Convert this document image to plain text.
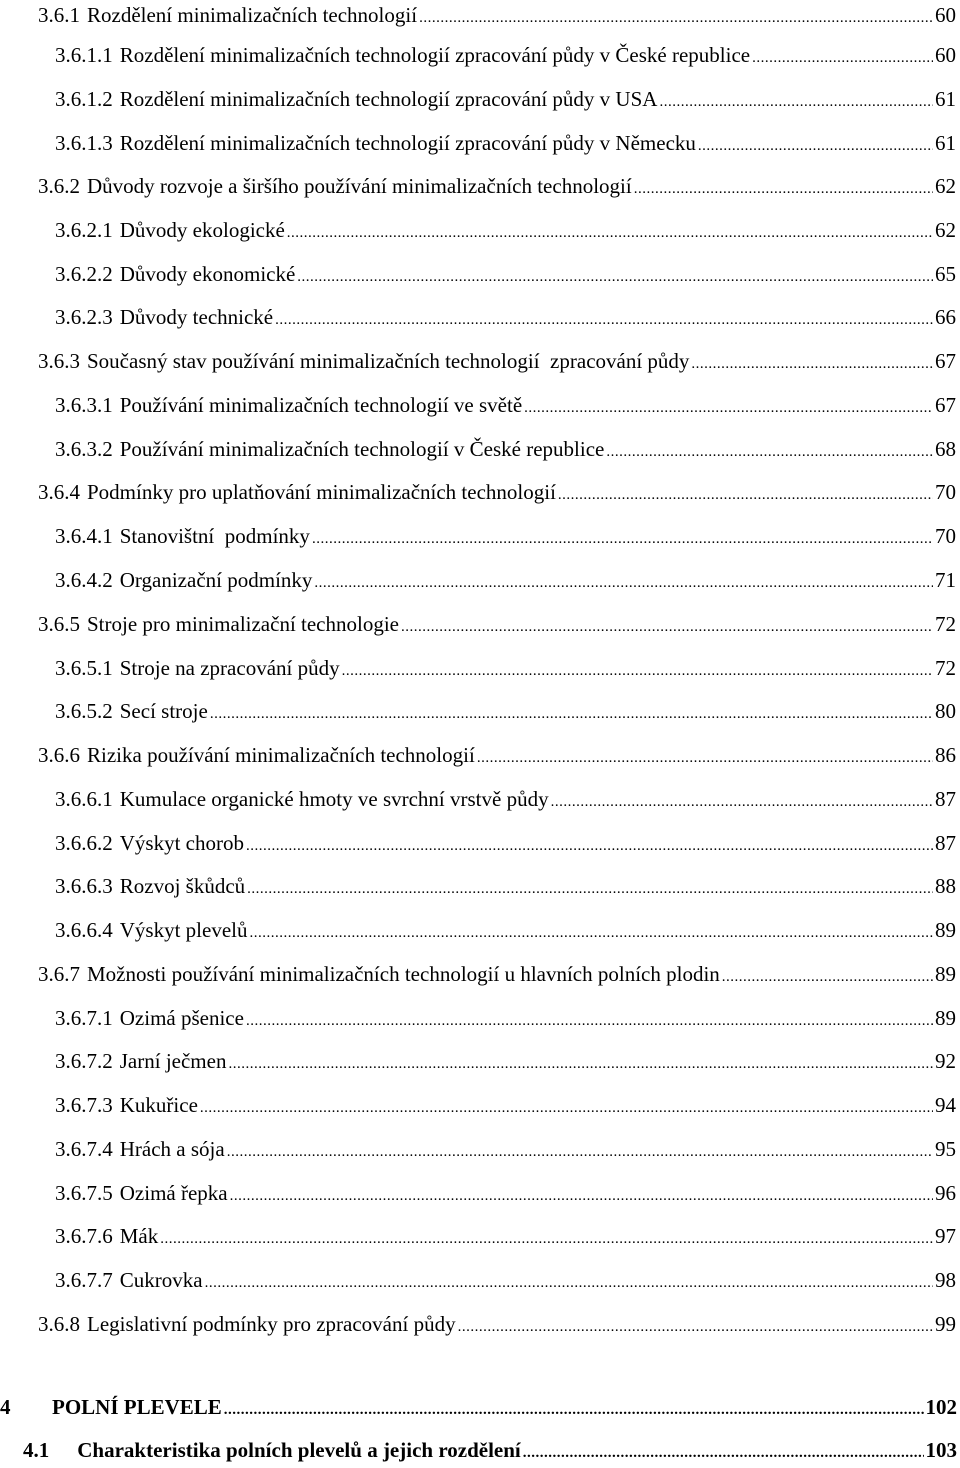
3.6.1 Rozdělení minimalizačních technologií .....	60
3.6.1.1 Rozdělení minimalizačních technologií zpracování půdy v České republice .....	60
3.6.1.2 Rozdělení minimalizačních technologií zpracování půdy v USA .....	61
3.6.1.3 Rozdělení minimalizačních technologií zpracování půdy v Německu .....	61
3.6.2 Důvody rozvoje a širšího používání minimalizačních technologií .....	62
3.6.2.1 Důvody ekologické .....	62
3.6.2.2 Důvody ekonomické .....	65
3.6.2.3 Důvody technické .....	66
3.6.3 Současný stav používání minimalizačních technologií  zpracování půdy .....	67
3.6.3.1 Používání minimalizačních technologií ve světě .....	67
3.6.3.2 Používání minimalizačních technologií v České republice .....	68
3.6.4 Podmínky pro uplatňování minimalizačních technologií .....	70
3.6.4.1 Stanovištní  podmínky .....	70
3.6.4.2 Organizační podmínky .....	71
3.6.5 Stroje pro minimalizační technologie .....	72
3.6.5.1 Stroje na zpracování půdy .....	72
3.6.5.2 Secí stroje .....	80
3.6.6 Rizika používání minimalizačních technologií .....	86
3.6.6.1 Kumulace organické hmoty ve svrchní vrstvě půdy .....	87
3.6.6.2 Výskyt chorob .....	87
3.6.6.3 Rozvoj škůdců .....	88
3.6.6.4 Výskyt plevelů .....	89
3.6.7 Možnosti používání minimalizačních technologií u hlavních polních plodin .....	89
3.6.7.1 Ozimá pšenice .....	89
3.6.7.2 Jarní ječmen .....	92
3.6.7.3 Kukuřice .....	94
3.6.7.4 Hrách a sója .....	95
3.6.7.5 Ozimá řepka .....	96
3.6.7.6 Mák .....	97
3.6.7.7 Cukrovka .....	98
3.6.8 Legislativní podmínky pro zpracování půdy .....	99
4	POLNÍ PLEVELE .....	102
4.1 Charakteristika polních plevelů a jejich rozdělení .....	103
